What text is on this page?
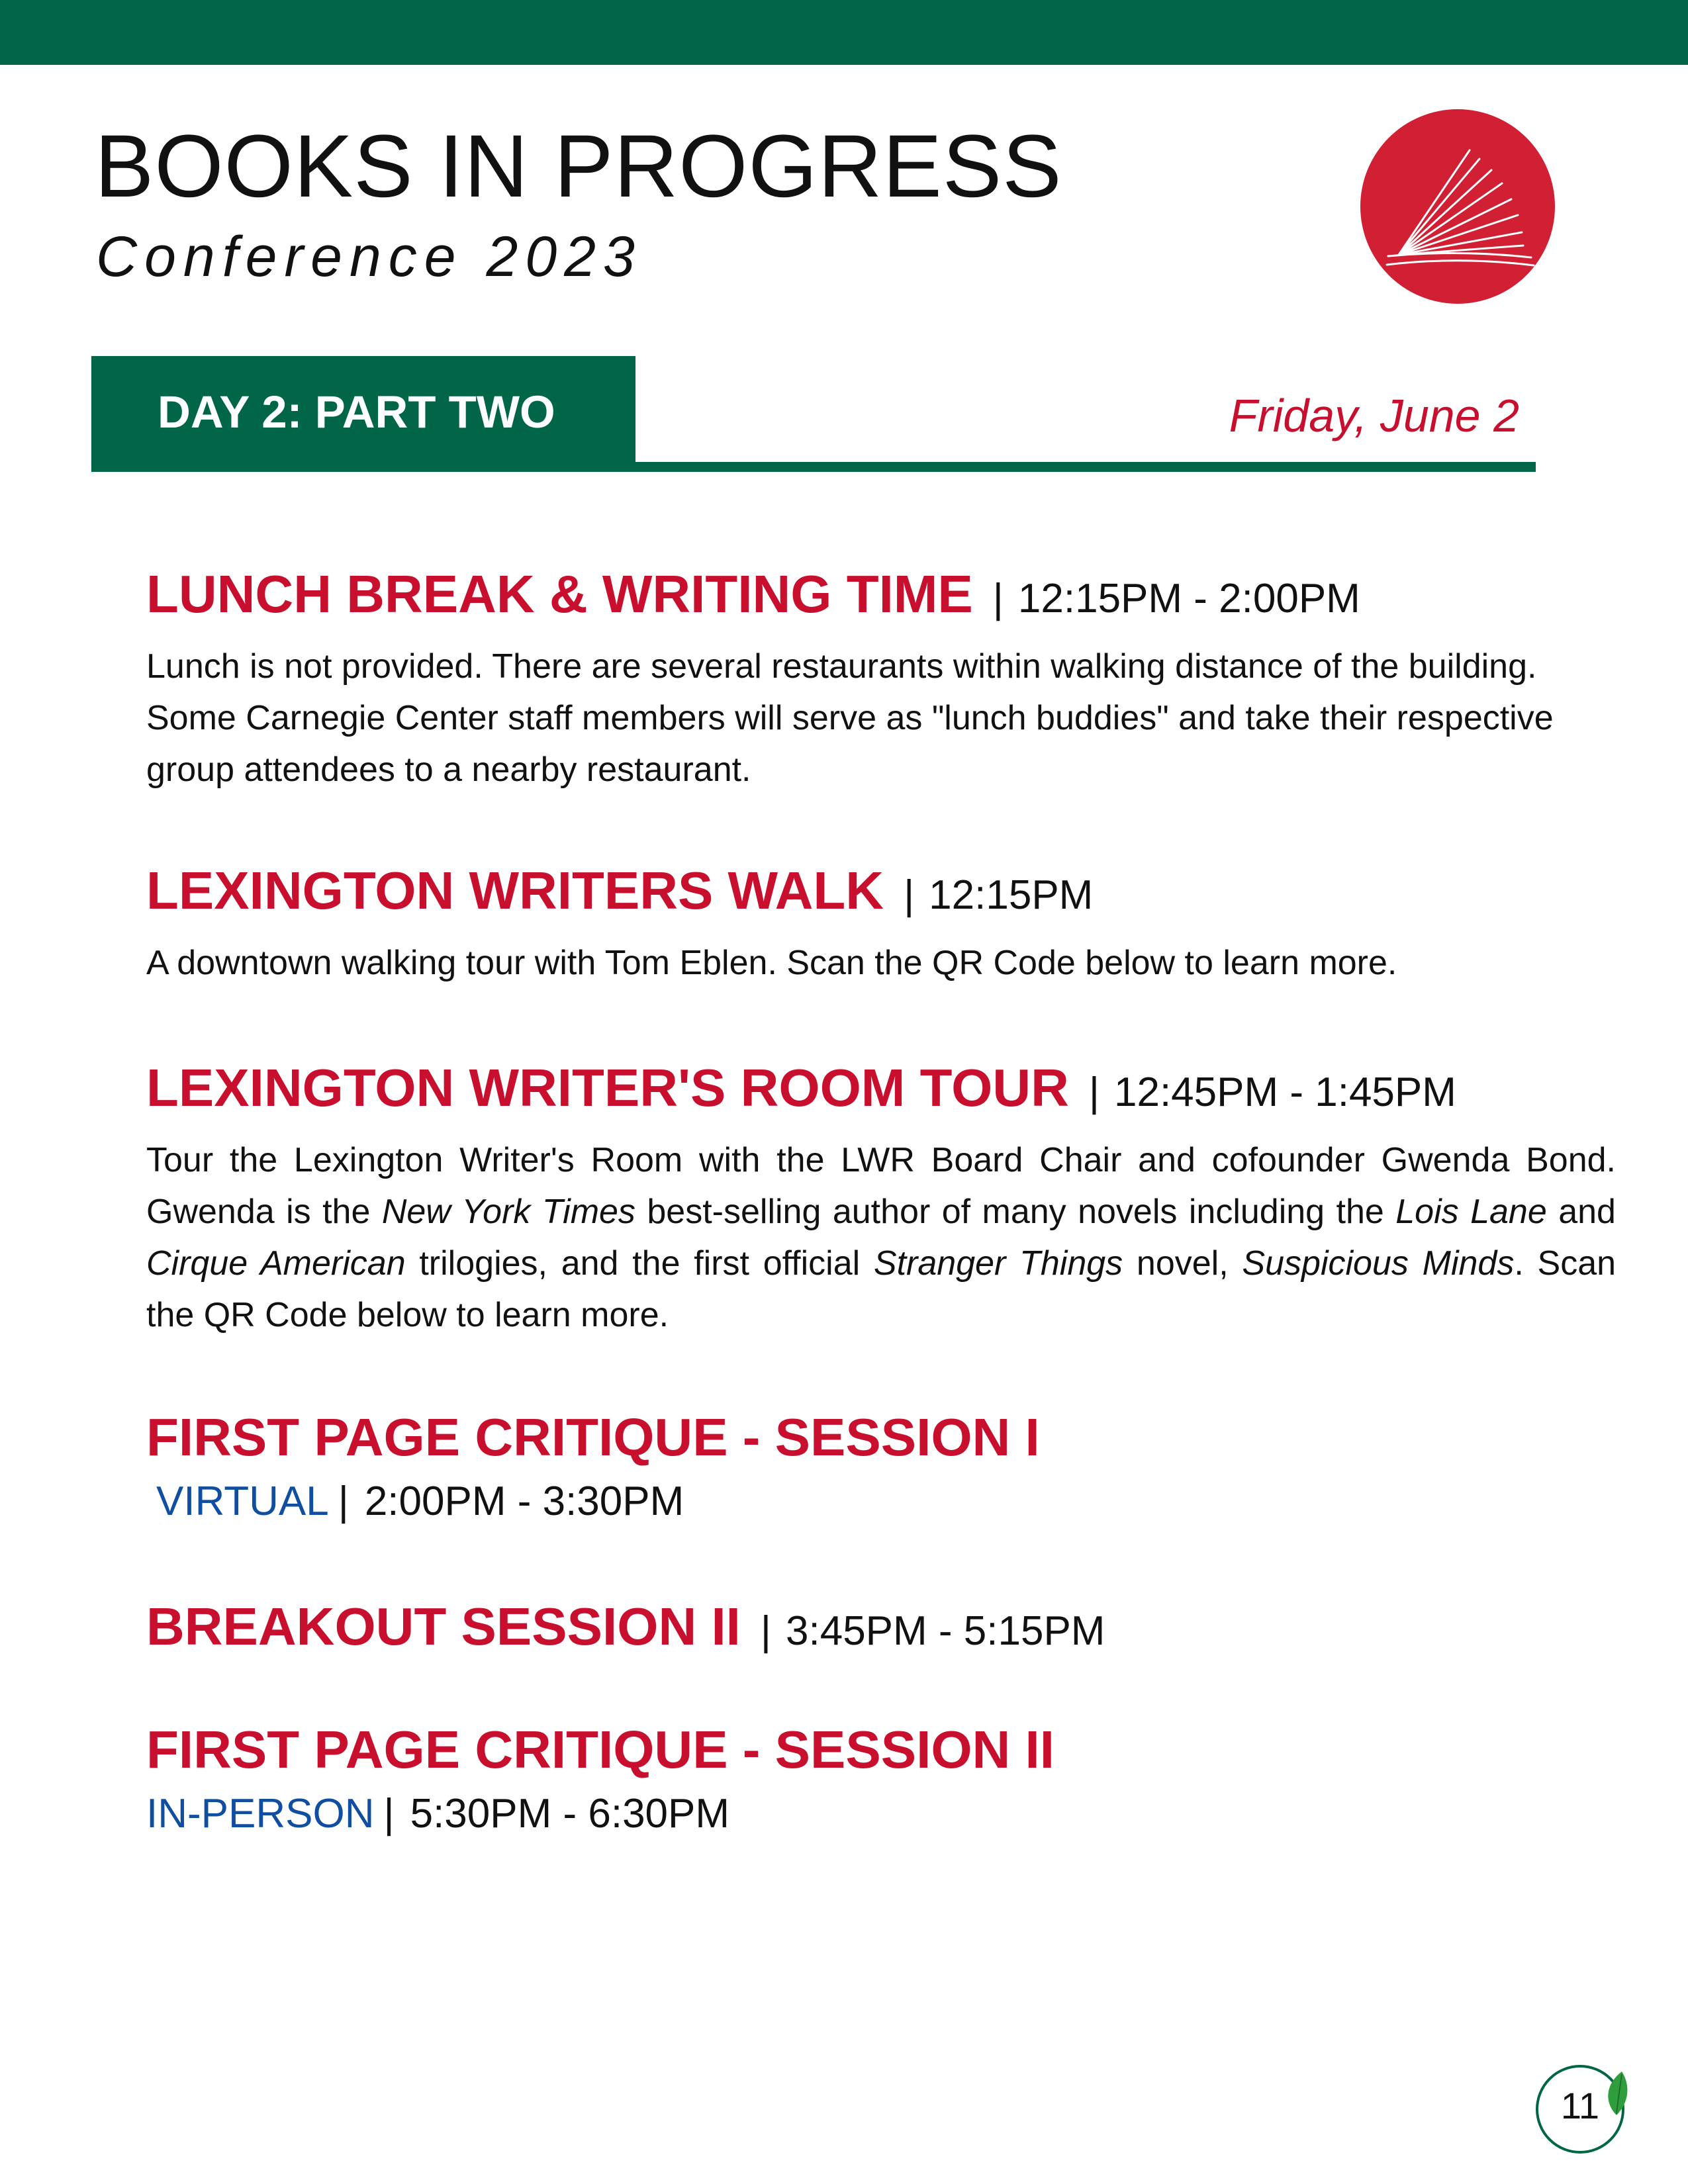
BOOKS IN PROGRESS
Conference 2023
DAY 2: PART TWO	Friday, June 2
LUNCH BREAK & WRITING TIME | 12:15PM - 2:00PM
Lunch is not provided. There are several restaurants within walking distance of the building. Some Carnegie Center staff members will serve as "lunch buddies" and take their respective group attendees to a nearby restaurant.
LEXINGTON WRITERS WALK | 12:15PM
A downtown walking tour with Tom Eblen. Scan the QR Code below to learn more.
LEXINGTON WRITER'S ROOM TOUR | 12:45PM - 1:45PM
Tour the Lexington Writer's Room with the LWR Board Chair and cofounder Gwenda Bond. Gwenda is the New York Times best-selling author of many novels including the Lois Lane and Cirque American trilogies, and the first official Stranger Things novel, Suspicious Minds. Scan the QR Code below to learn more.
FIRST PAGE CRITIQUE - SESSION I
VIRTUAL | 2:00PM - 3:30PM
BREAKOUT SESSION II | 3:45PM - 5:15PM
FIRST PAGE CRITIQUE - SESSION II
IN-PERSON | 5:30PM - 6:30PM
11
